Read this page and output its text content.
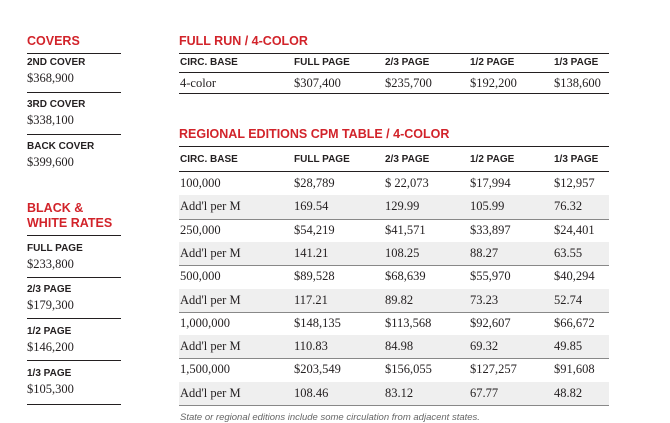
COVERS
2ND COVER
$368,900
3RD COVER
$338,100
BACK COVER
$399,600
BLACK &
WHITE RATES
FULL PAGE
$233,800
2/3 PAGE
$179,300
1/2 PAGE
$146,200
1/3 PAGE
$105,300
FULL RUN / 4-COLOR
CIRC. BASE	FULL PAGE	2/3 PAGE	1/2 PAGE	1/3 PAGE
4-color	$307,400	$235,700	$192,200	$138,600
REGIONAL EDITIONS CPM TABLE / 4-COLOR
CIRC. BASE	FULL PAGE	2/3 PAGE	1/2 PAGE	1/3 PAGE
100,000	$28,789	$ 22,073	$17,994	$12,957
Add'l per M	169.54	129.99	105.99	76.32
250,000	$54,219	$41,571	$33,897	$24,401
Add'l per M	141.21	108.25	88.27	63.55
500,000	$89,528	$68,639	$55,970	$40,294
Add'l per M	117.21	89.82	73.23	52.74
1,000,000	$148,135	$113,568	$92,607	$66,672
Add'l per M	110.83	84.98	69.32	49.85
1,500,000	$203,549	$156,055	$127,257	$91,608
Add'l per M	108.46	83.12	67.77	48.82
State or regional editions include some circulation from adjacent states.
